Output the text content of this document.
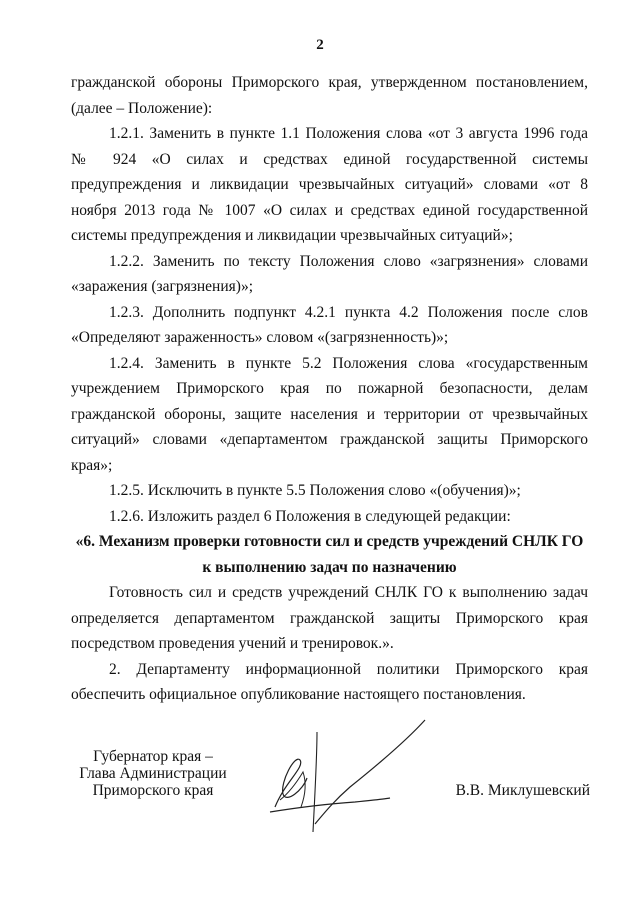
2

гражданской обороны Приморского края, утвержденном постановлением, (далее – Положение):

1.2.1. Заменить в пункте 1.1 Положения слова «от 3 августа 1996 года № 924 «О силах и средствах единой государственной системы предупреждения и ликвидации чрезвычайных ситуаций» словами «от 8 ноября 2013 года № 1007 «О силах и средствах единой государственной системы предупреждения и ликвидации чрезвычайных ситуаций»;

1.2.2. Заменить по тексту Положения слово «загрязнения» словами «заражения (загрязнения)»;

1.2.3. Дополнить подпункт 4.2.1 пункта 4.2 Положения после слов «Определяют зараженность» словом «(загрязненность)»;

1.2.4. Заменить в пункте 5.2 Положения слова «государственным учреждением Приморского края по пожарной безопасности, делам гражданской обороны, защите населения и территории от чрезвычайных ситуаций» словами «департаментом гражданской защиты Приморского края»;

1.2.5. Исключить в пункте 5.5 Положения слово «(обучения)»;

1.2.6. Изложить раздел 6 Положения в следующей редакции:

«6. Механизм проверки готовности сил и средств учреждений СНЛК ГО к выполнению задач по назначению

Готовность сил и средств учреждений СНЛК ГО к выполнению задач определяется департаментом гражданской защиты Приморского края посредством проведения учений и тренировок.».

2. Департаменту информационной политики Приморского края обеспечить официальное опубликование настоящего постановления.

Губернатор края –
Глава Администрации
Приморского края	В.В. Миклушевский
